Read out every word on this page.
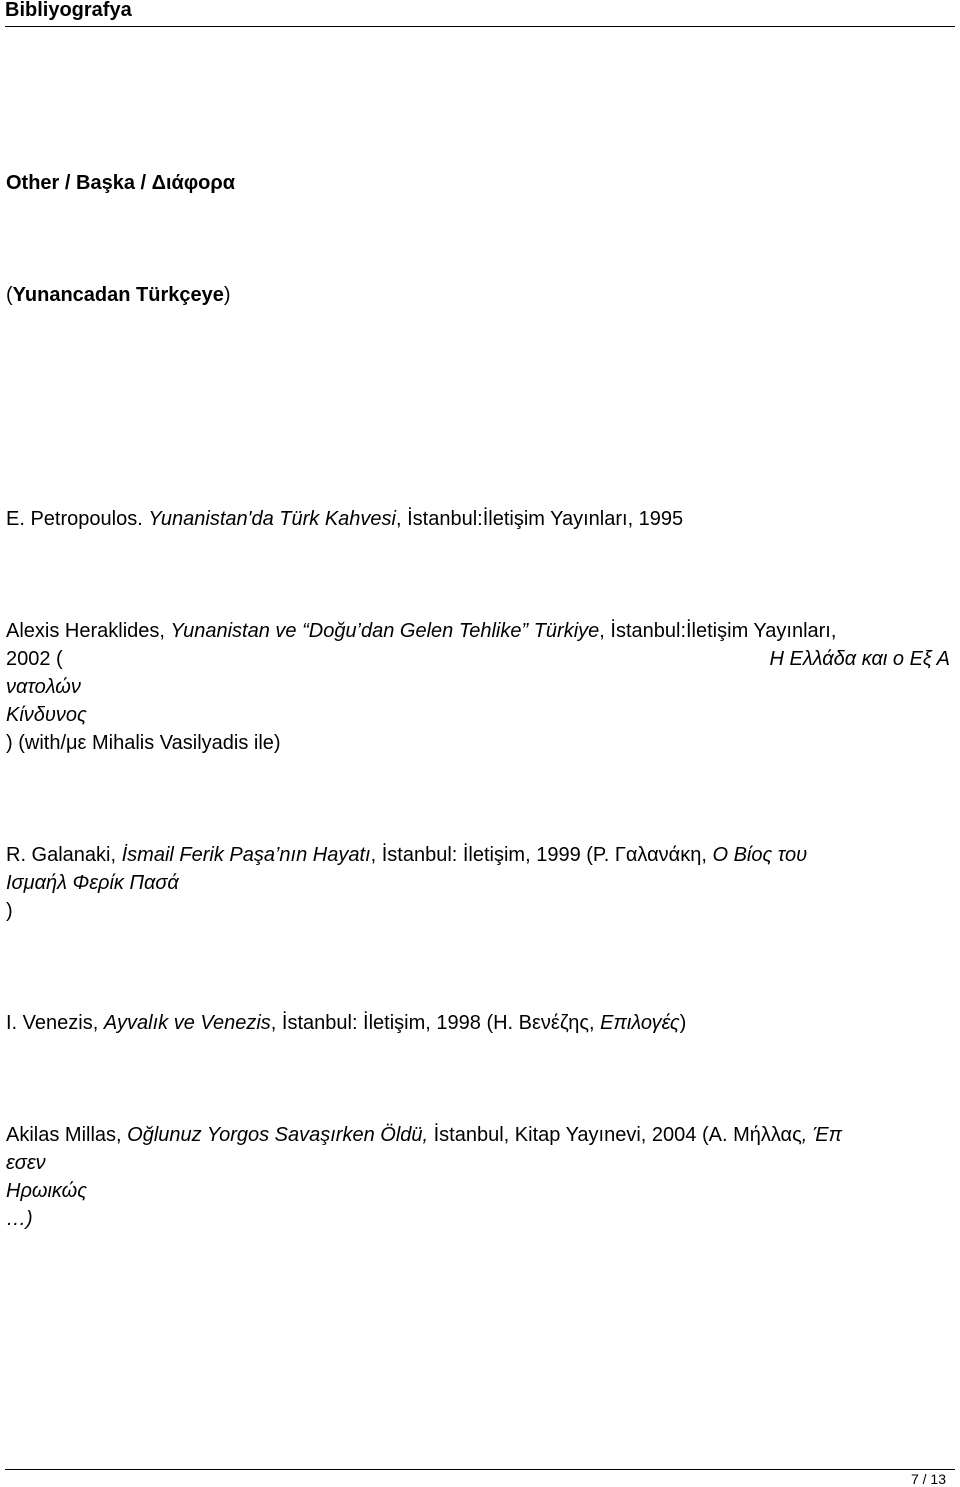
Bibliyografya
Other / Başka / Διάφορα
(Yunancadan Türkçeye)
E. Petropoulos. Yunanistan'da Türk Kahvesi, İstanbul:İletişim Yayınları, 1995
Alexis Heraklides, Yunanistan ve “Doğu’dan Gelen Tehlike” Türkiye, İstanbul:İletişim Yayınları,
2002 (	Η Ελλάδα και ο Εξ Α
νατολών
Κίνδυνος
) (with/με Mihalis Vasilyadis ile)
R. Galanaki, İsmail Ferik Paşa’nın Hayatı, İstanbul: İletişim, 1999 (Ρ. Γαλανάκη, Ο Βίος του
Ισμαήλ Φερίκ Πασά
)
I. Venezis, Ayvalık ve Venezis, İstanbul: İletişim, 1998 (Η. Βενέζης, Επιλογές)
Akilas Millas, Oğlunuz Yorgos Savaşırken Öldü, İstanbul, Kitap Yayınevi, 2004 (Α. Μήλλας, Έπ
εσεν
Ηρωικώς
…)
7 / 13
